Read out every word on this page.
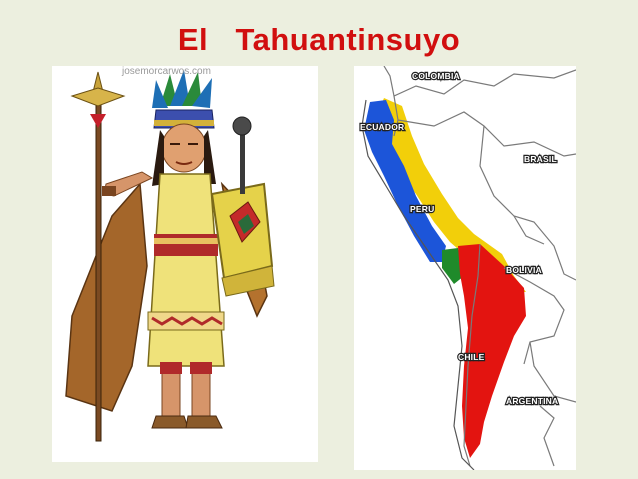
El   Tahuantinsuyo
josemorcarwos.com	COLOMBIA
ECUADOR
BRASIL
PERU
BOLIVIA
CHILE
ARGENTINA
